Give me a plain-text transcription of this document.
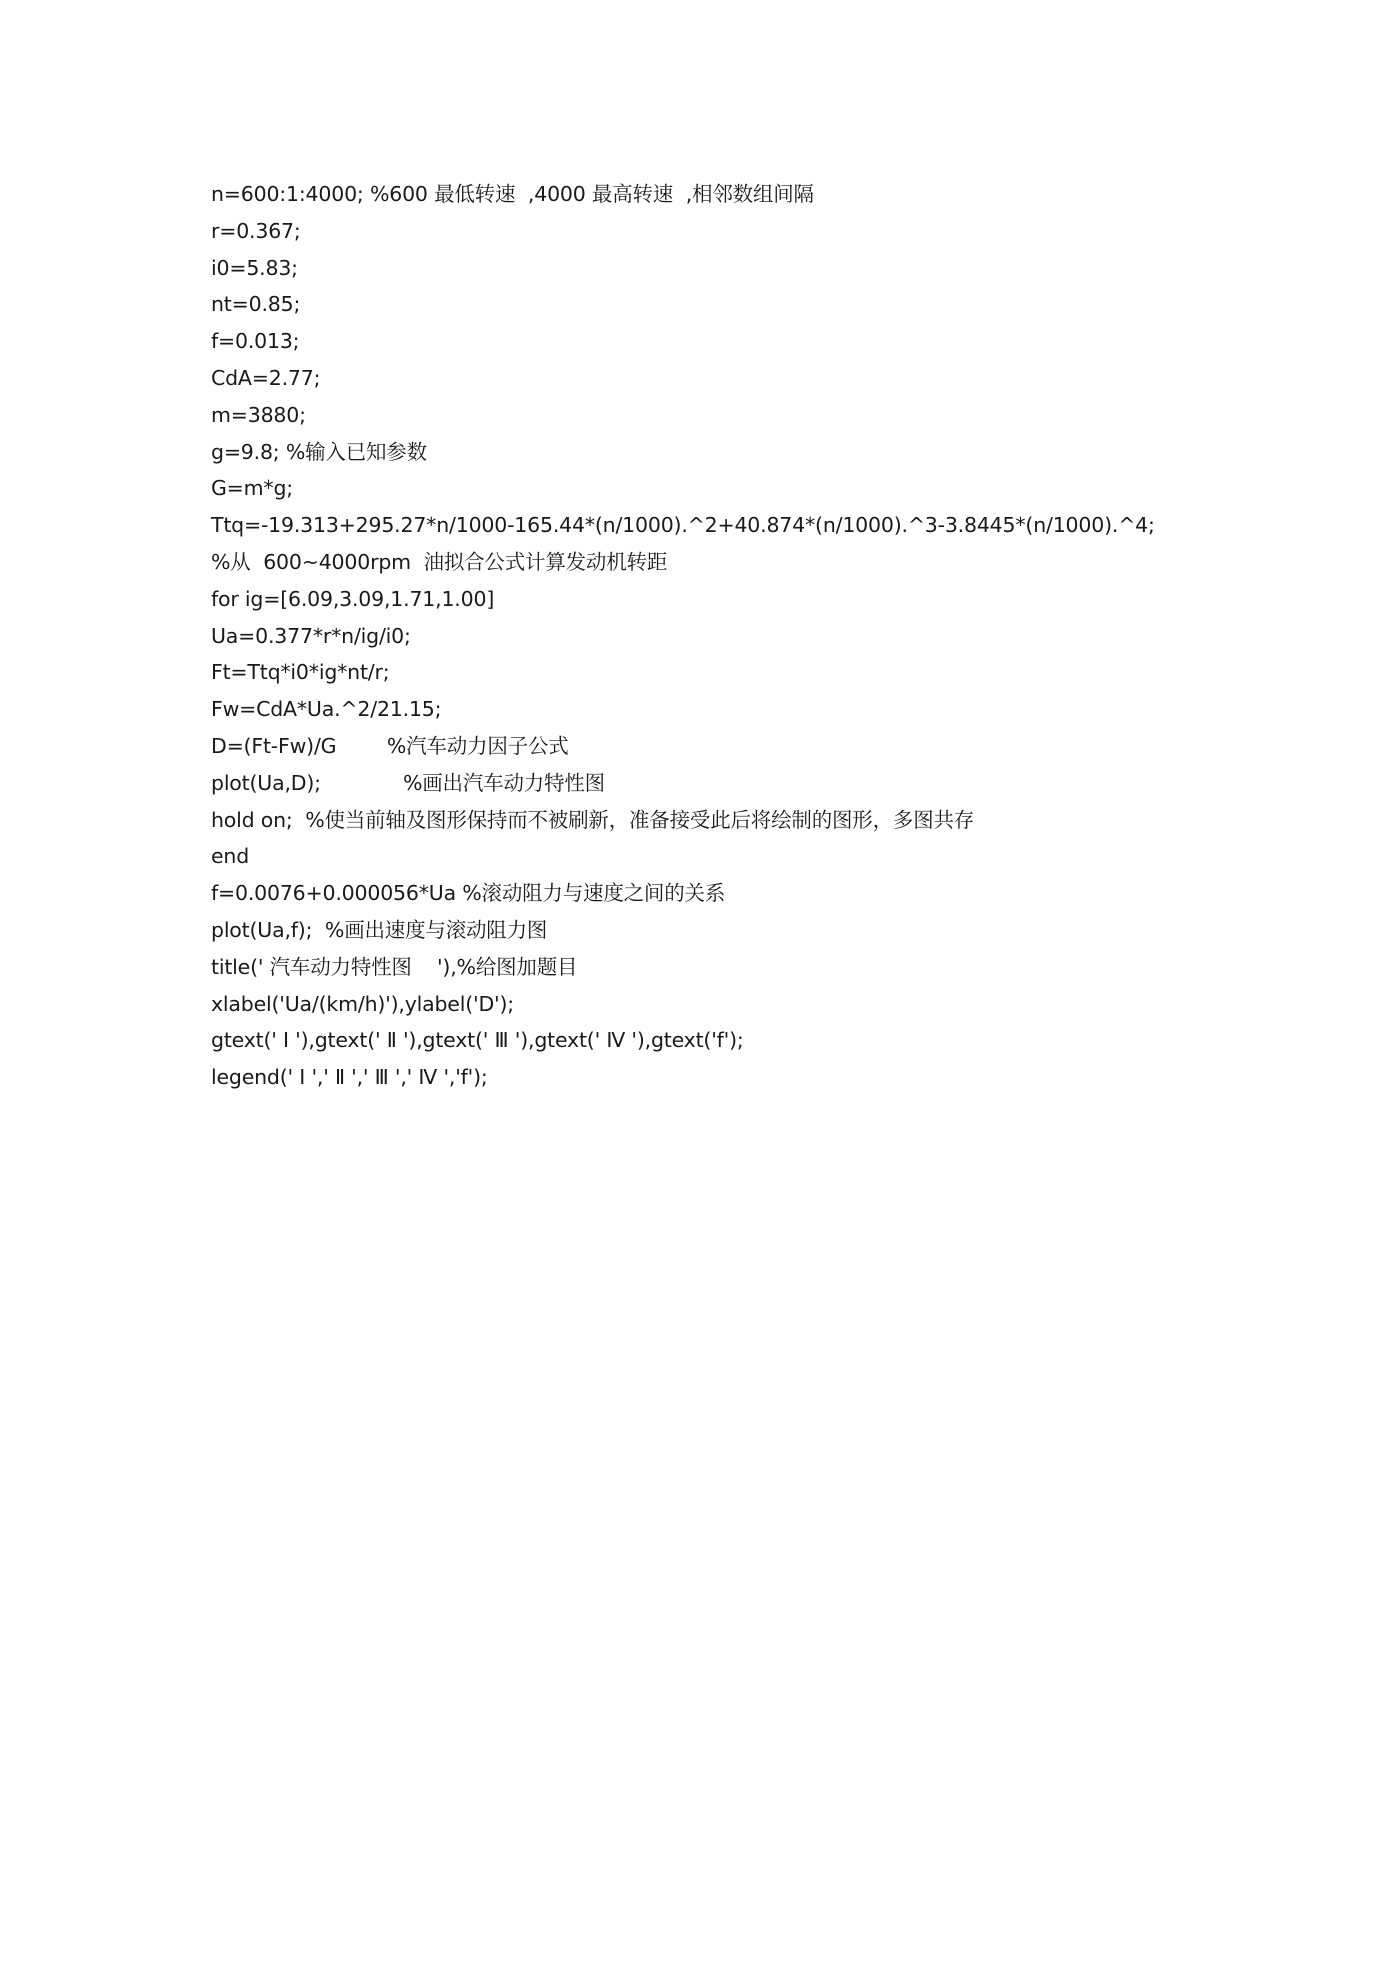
n=600:1:4000; %600 最低转速  ,4000 最高转速  ,相邻数组间隔
r=0.367;
i0=5.83;
nt=0.85;
f=0.013;
CdA=2.77;
m=3880;
g=9.8; %输入已知参数
G=m*g;
Ttq=-19.313+295.27*n/1000-165.44*(n/1000).^2+40.874*(n/1000).^3-3.8445*(n/1000).^4;
%从  600~4000rpm  油拟合公式计算发动机转距
for ig=[6.09,3.09,1.71,1.00]
Ua=0.377*r*n/ig/i0;
Ft=Ttq*i0*ig*nt/r;
Fw=CdA*Ua.^2/21.15;
D=(Ft-Fw)/G        %汽车动力因子公式
plot(Ua,D);             %画出汽车动力特性图
hold on;  %使当前轴及图形保持而不被刷新，准备接受此后将绘制的图形，多图共存
end
f=0.0076+0.000056*Ua %滚动阻力与速度之间的关系
plot(Ua,f);  %画出速度与滚动阻力图
title(' 汽车动力特性图    '),%给图加题目
xlabel('Ua/(km/h)'),ylabel('D');
gtext(' Ⅰ '),gtext(' Ⅱ '),gtext(' Ⅲ '),gtext(' Ⅳ '),gtext('f');
legend(' Ⅰ ',' Ⅱ ',' Ⅲ ',' Ⅳ ','f');
